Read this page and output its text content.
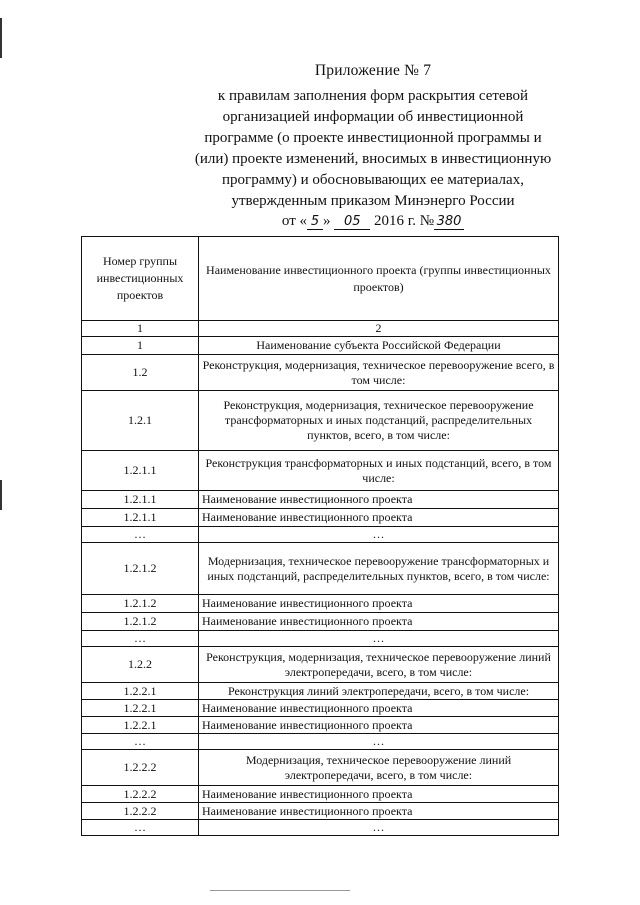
Приложение № 7
к правилам заполнения форм раскрытия сетевой
организацией информации об инвестиционной
программе (о проекте инвестиционной программы и
(или) проекте изменений, вносимых в инвестиционную
программу) и обосновывающих ее материалах,
утвержденным приказом Минэнерго России
от « 5 » 05 2016 г. № 380
Номер группы инвестиционных проектов	Наименование инвестиционного проекта (группы инвестиционных проектов)
1	2
1	Наименование субъекта Российской Федерации
1.2	Реконструкция, модернизация, техническое перевооружение всего, в том числе:
1.2.1	Реконструкция, модернизация, техническое перевооружение трансформаторных и иных подстанций, распределительных пунктов, всего, в том числе:
1.2.1.1	Реконструкция трансформаторных и иных подстанций, всего, в том числе:
1.2.1.1	Наименование инвестиционного проекта
1.2.1.1	Наименование инвестиционного проекта
…	…
1.2.1.2	Модернизация, техническое перевооружение трансформаторных и иных подстанций, распределительных пунктов, всего, в том числе:
1.2.1.2	Наименование инвестиционного проекта
1.2.1.2	Наименование инвестиционного проекта
…	…
1.2.2	Реконструкция, модернизация, техническое перевооружение линий электропередачи, всего, в том числе:
1.2.2.1	Реконструкция линий электропередачи, всего, в том числе:
1.2.2.1	Наименование инвестиционного проекта
1.2.2.1	Наименование инвестиционного проекта
…	…
1.2.2.2	Модернизация, техническое перевооружение линий электропередачи, всего, в том числе:
1.2.2.2	Наименование инвестиционного проекта
1.2.2.2	Наименование инвестиционного проекта
…	…
